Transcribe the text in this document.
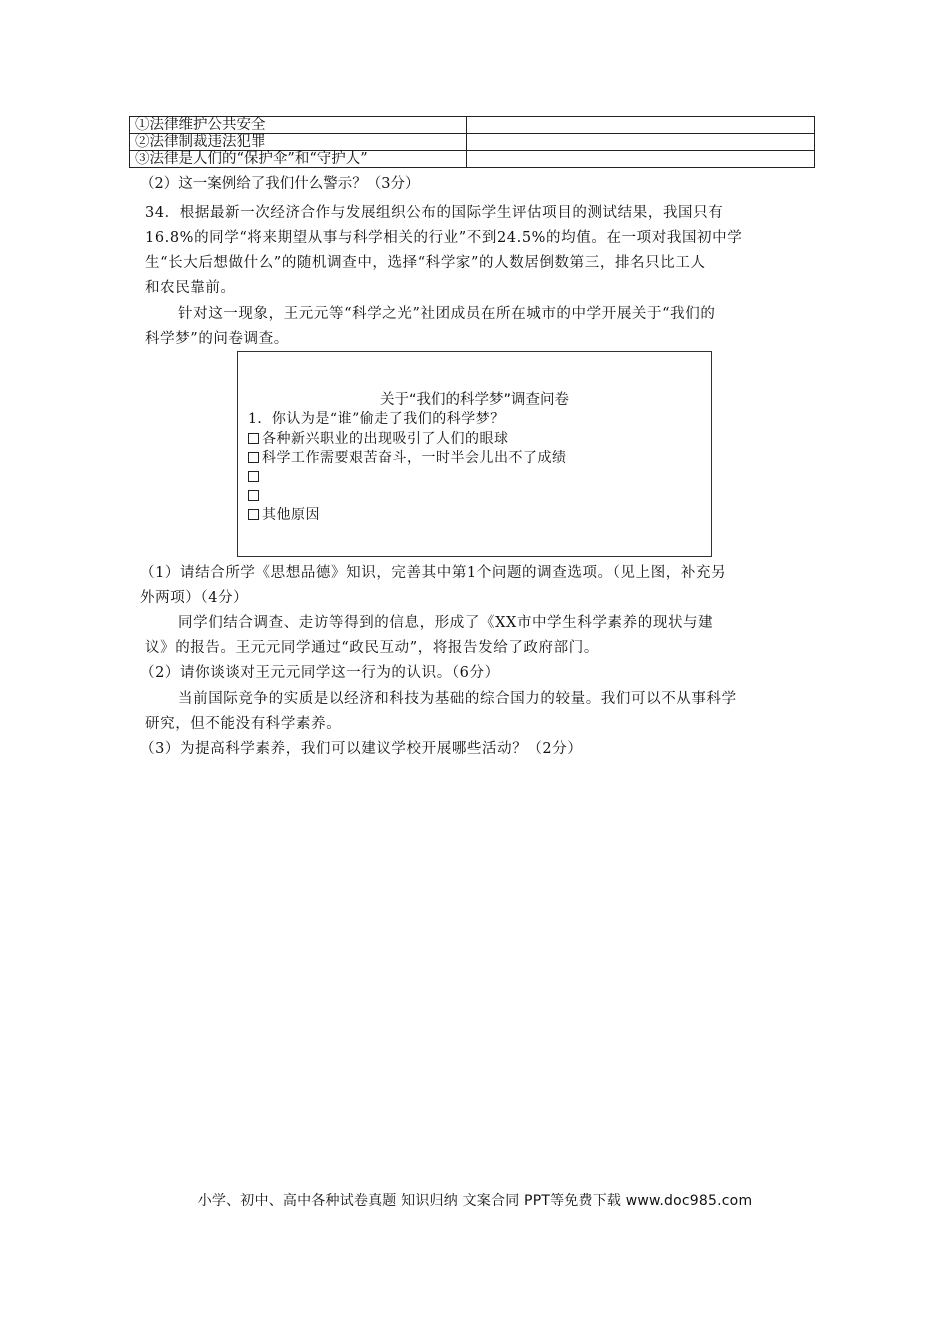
①法律维护公共安全	
②法律制裁违法犯罪	
③法律是人们的“保护伞”和“守护人”	
（2）这一案例给了我们什么警示？（3分）
34．根据最新一次经济合作与发展组织公布的国际学生评估项目的测试结果，我国只有
16.8%的同学“将来期望从事与科学相关的行业”不到24.5%的均值。在一项对我国初中学
生“长大后想做什么”的随机调查中，选择“科学家”的人数居倒数第三，排名只比工人
和农民靠前。
针对这一现象，王元元等“科学之光”社团成员在所在城市的中学开展关于“我们的
科学梦”的问卷调查。
关于“我们的科学梦”调查问卷
1．你认为是“谁”偷走了我们的科学梦？
各种新兴职业的出现吸引了人们的眼球
科学工作需要艰苦奋斗，一时半会儿出不了成绩
其他原因
（1）请结合所学《思想品德》知识，完善其中第1个问题的调查选项。（见上图，补充另
外两项）（4分）
同学们结合调查、走访等得到的信息，形成了《XX市中学生科学素养的现状与建
议》的报告。王元元同学通过“政民互动”，将报告发给了政府部门。
（2）请你谈谈对王元元同学这一行为的认识。（6分）
当前国际竞争的实质是以经济和科技为基础的综合国力的较量。我们可以不从事科学
研究，但不能没有科学素养。
（3）为提高科学素养，我们可以建议学校开展哪些活动？（2分）
小学、初中、高中各种试卷真题 知识归纳 文案合同 PPT等免费下载 www.doc985.com
